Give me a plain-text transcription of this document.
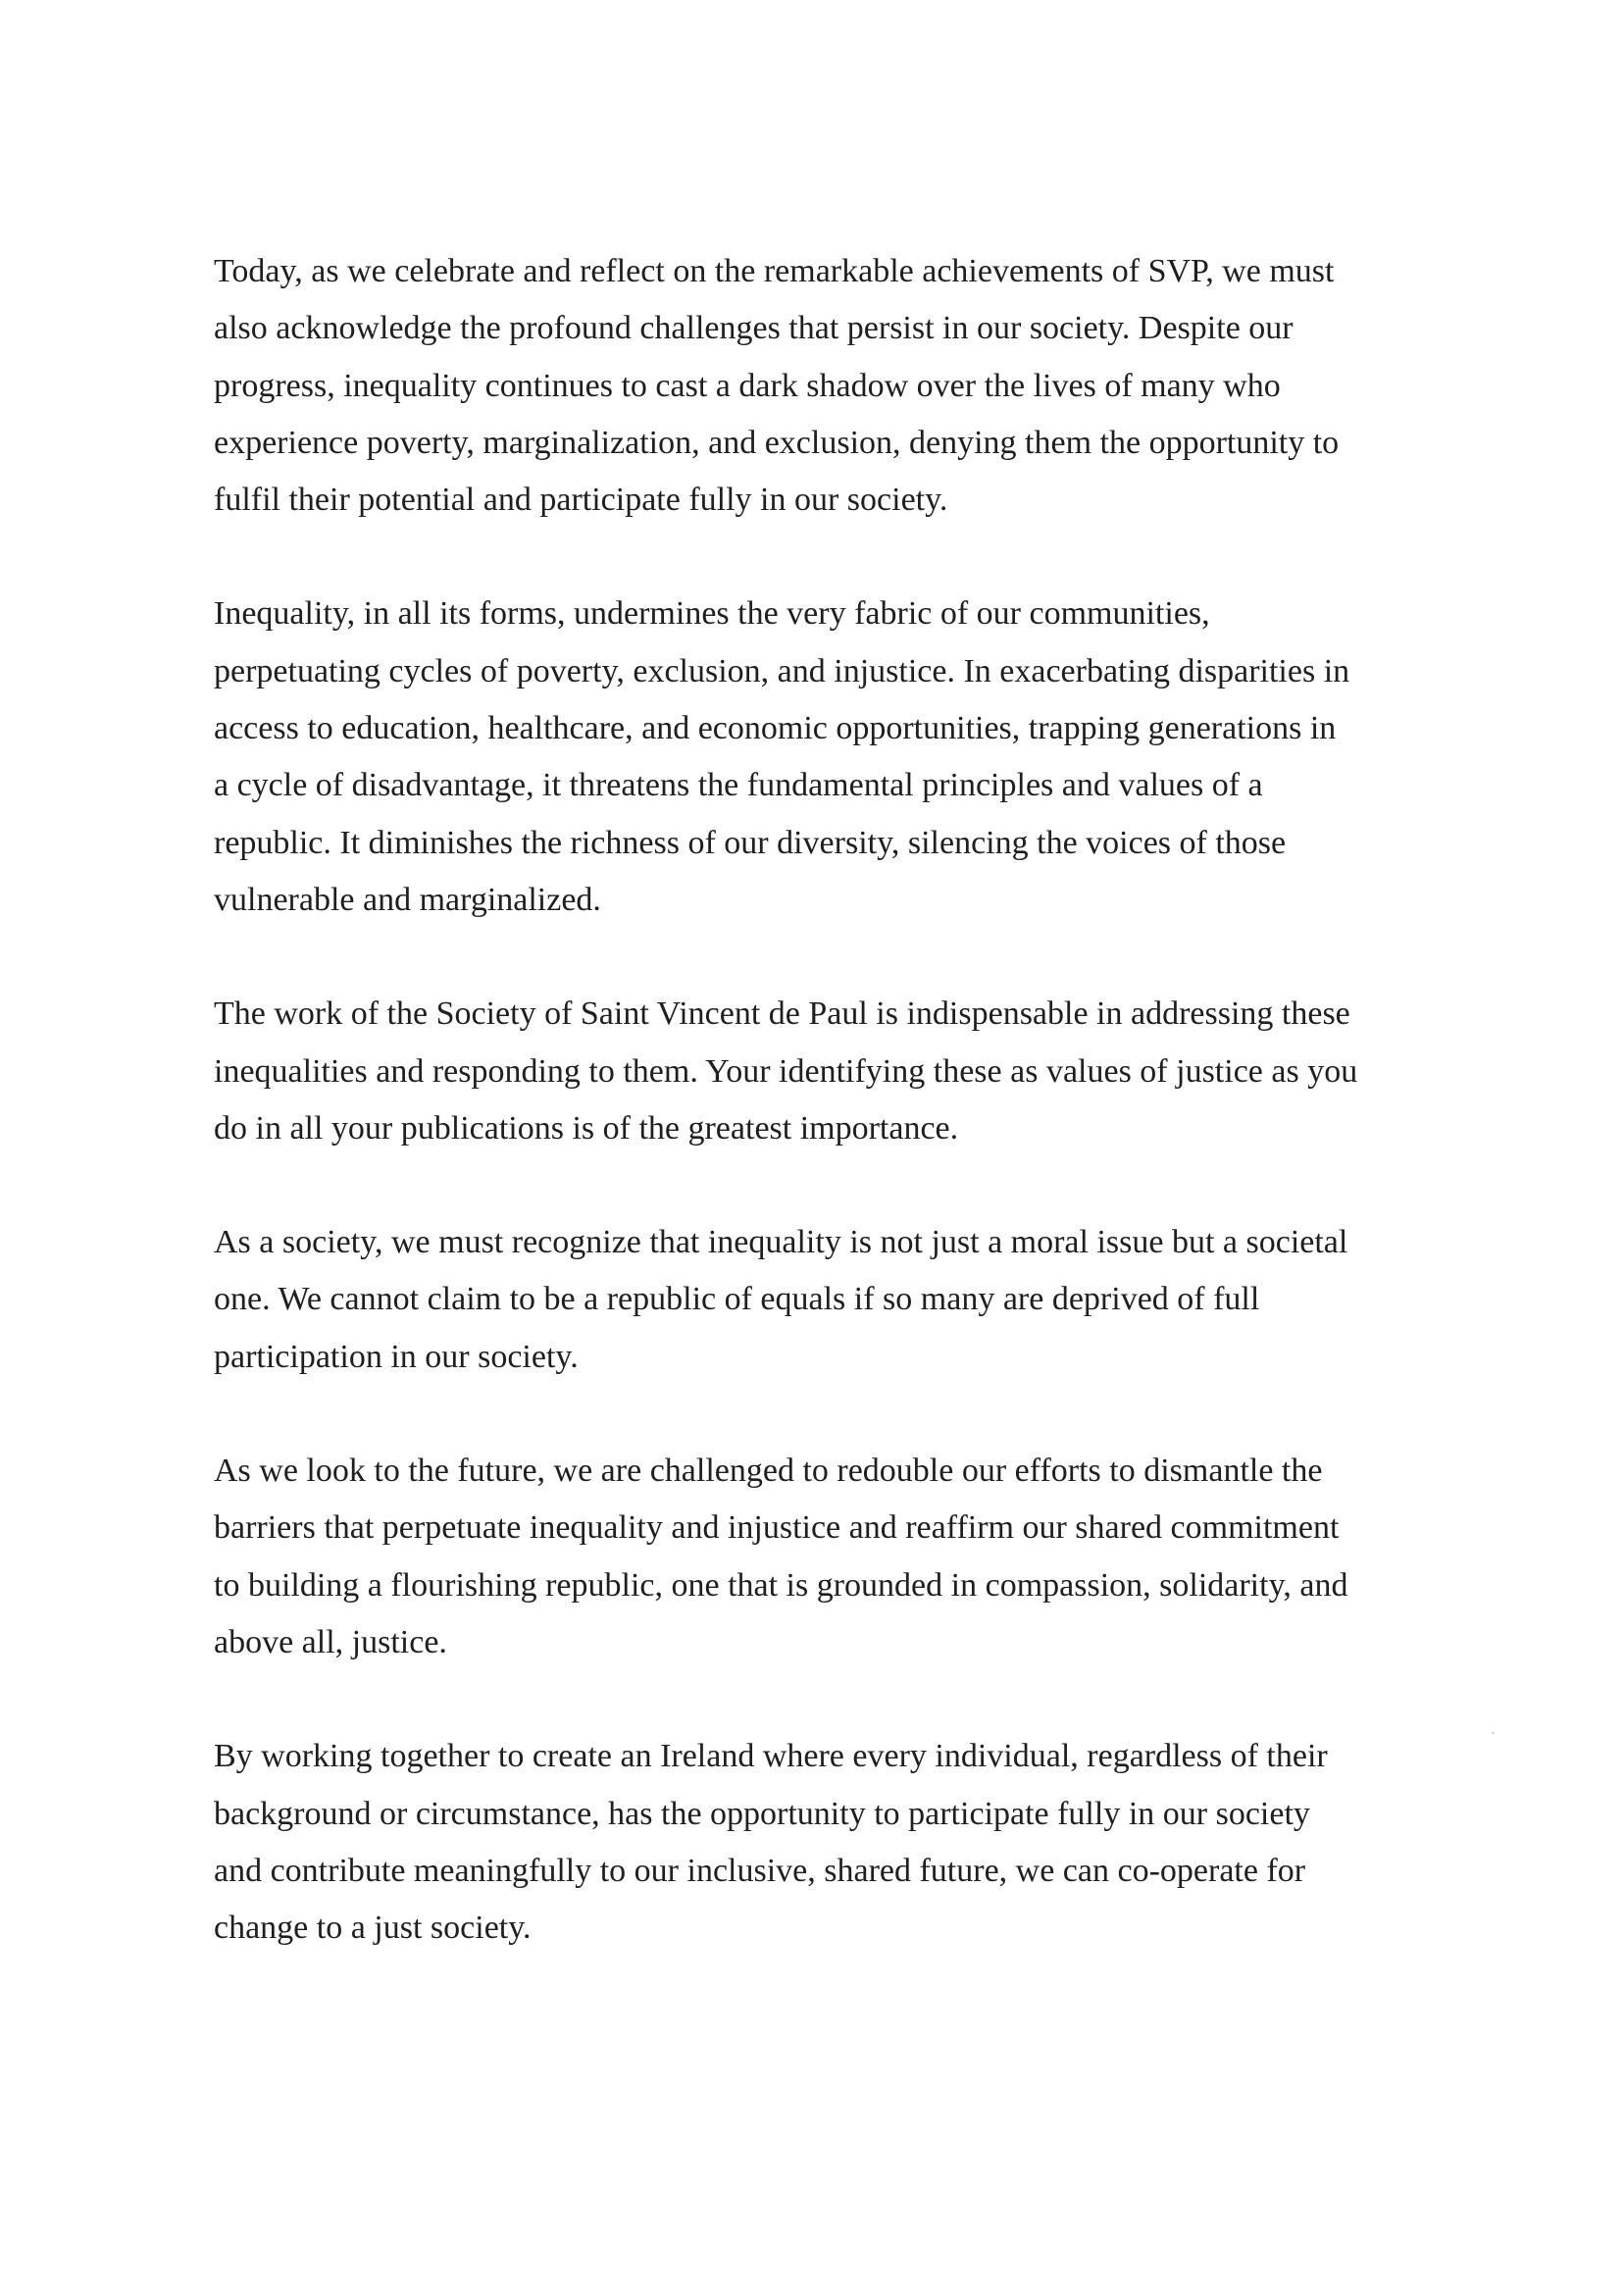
Today, as we celebrate and reflect on the remarkable achievements of SVP, we must
also acknowledge the profound challenges that persist in our society. Despite our
progress, inequality continues to cast a dark shadow over the lives of many who
experience poverty, marginalization, and exclusion, denying them the opportunity to
fulfil their potential and participate fully in our society.

Inequality, in all its forms, undermines the very fabric of our communities,
perpetuating cycles of poverty, exclusion, and injustice. In exacerbating disparities in
access to education, healthcare, and economic opportunities, trapping generations in
a cycle of disadvantage, it threatens the fundamental principles and values of a
republic. It diminishes the richness of our diversity, silencing the voices of those
vulnerable and marginalized.

The work of the Society of Saint Vincent de Paul is indispensable in addressing these
inequalities and responding to them. Your identifying these as values of justice as you
do in all your publications is of the greatest importance.

As a society, we must recognize that inequality is not just a moral issue but a societal
one. We cannot claim to be a republic of equals if so many are deprived of full
participation in our society.

As we look to the future, we are challenged to redouble our efforts to dismantle the
barriers that perpetuate inequality and injustice and reaffirm our shared commitment
to building a flourishing republic, one that is grounded in compassion, solidarity, and
above all, justice.

By working together to create an Ireland where every individual, regardless of their
background or circumstance, has the opportunity to participate fully in our society
and contribute meaningfully to our inclusive, shared future, we can co-operate for
change to a just society.
